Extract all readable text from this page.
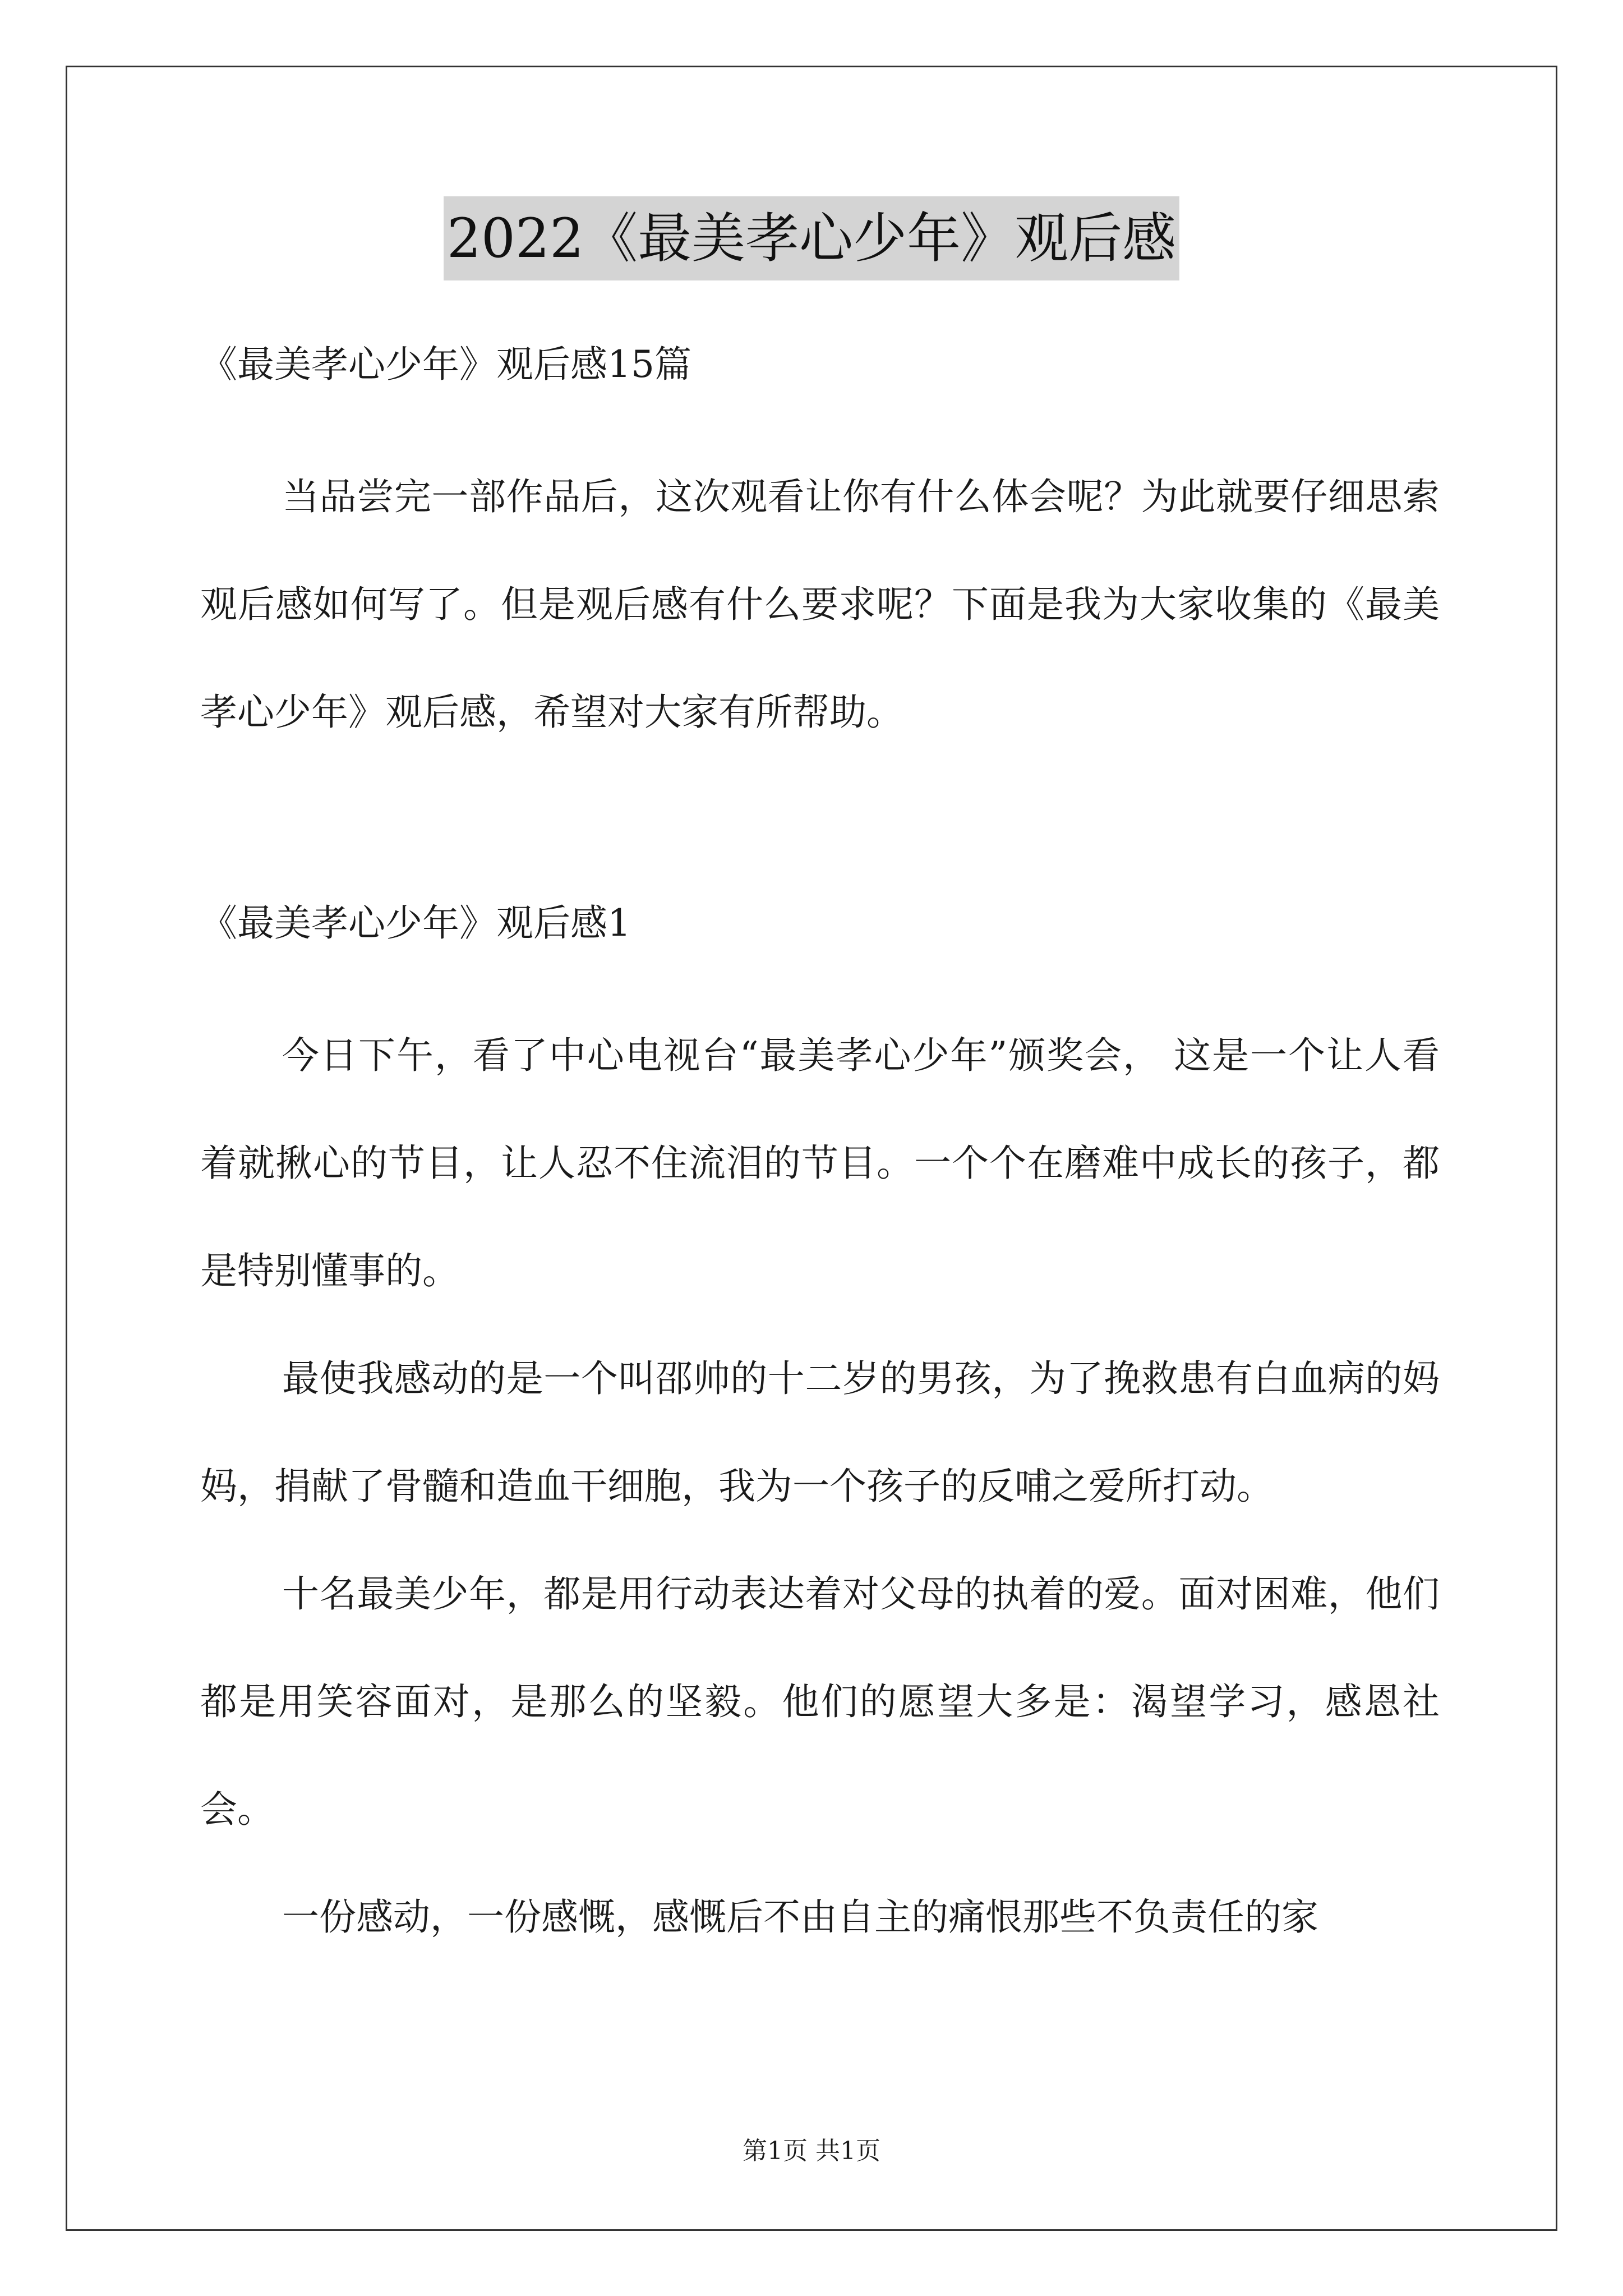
2022《最美孝心少年》观后感
《最美孝心少年》观后感15篇

当品尝完一部作品后，这次观看让你有什么体会呢？为此就要仔细思索观后感如何写了。但是观后感有什么要求呢？下面是我为大家收集的《最美孝心少年》观后感，希望对大家有所帮助。

《最美孝心少年》观后感1

今日下午，看了中心电视台“最美孝心少年”颁奖会， 这是一个让人看着就揪心的节目，让人忍不住流泪的节目。一个个在磨难中成长的孩子，都是特别懂事的。

最使我感动的是一个叫邵帅的十二岁的男孩，为了挽救患有白血病的妈妈，捐献了骨髓和造血干细胞，我为一个孩子的反哺之爱所打动。

十名最美少年，都是用行动表达着对父母的执着的爱。面对困难，他们都是用笑容面对，是那么的坚毅。他们的愿望大多是：渴望学习，感恩社会。

一份感动，一份感慨，感慨后不由自主的痛恨那些不负责任的家

第1页 共1页
